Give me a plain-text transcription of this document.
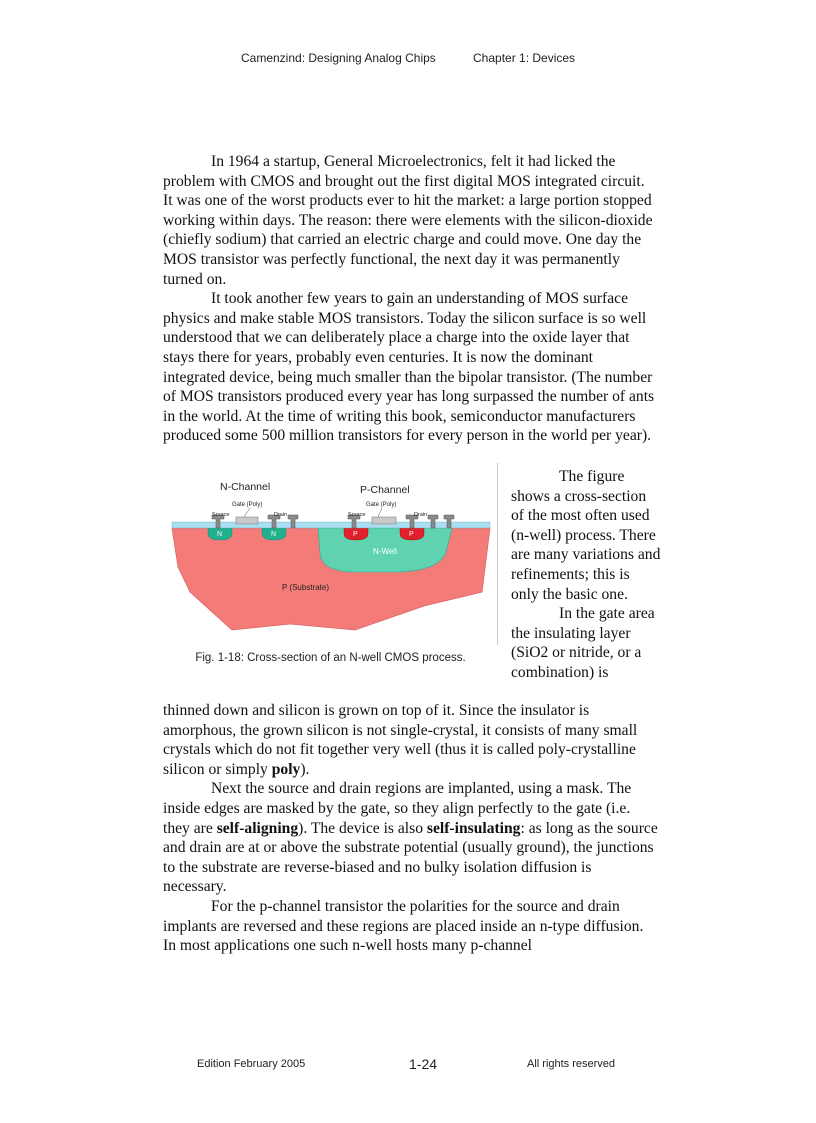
Camenzind: Designing Analog Chips	Chapter 1: Devices

In 1964 a startup, General Microelectronics, felt it had licked the problem with CMOS and brought out the first digital MOS integrated circuit. It was one of the worst products ever to hit the market: a large portion stopped working within days. The reason: there were elements with the silicon-dioxide (chiefly sodium) that carried an electric charge and could move. One day the MOS transistor was perfectly functional, the next day it was permanently turned on.

It took another few years to gain an understanding of MOS surface physics and make stable MOS transistors. Today the silicon surface is so well understood that we can deliberately place a charge into the oxide layer that stays there for years, probably even centuries. It is now the dominant integrated device, being much smaller than the bipolar transistor. (The number of MOS transistors produced every year has long surpassed the number of ants in the world. At the time of writing this book, semiconductor manufacturers produced some 500 million transistors for every person in the world per year).

N-Channel	P-Channel
Gate (Poly)	Gate (Poly)
Source	Drain	Source	Drain
N	N	P	P
N-Well
P (Substrate)
Fig. 1-18: Cross-section of an N-well CMOS process.

The figure shows a cross-section of the most often used (n-well) process. There are many variations and refinements; this is only the basic one.

In the gate area the insulating layer (SiO2 or nitride, or a combination) is

thinned down and silicon is grown on top of it. Since the insulator is amorphous, the grown silicon is not single-crystal, it consists of many small crystals which do not fit together very well (thus it is called poly-crystalline silicon or simply poly).

Next the source and drain regions are implanted, using a mask. The inside edges are masked by the gate, so they align perfectly to the gate (i.e. they are self-aligning). The device is also self-insulating: as long as the source and drain are at or above the substrate potential (usually ground), the junctions to the substrate are reverse-biased and no bulky isolation diffusion is necessary.

For the p-channel transistor the polarities for the source and drain implants are reversed and these regions are placed inside an n-type diffusion. In most applications one such n-well hosts many p-channel

Edition February 2005	1-24	All rights reserved
